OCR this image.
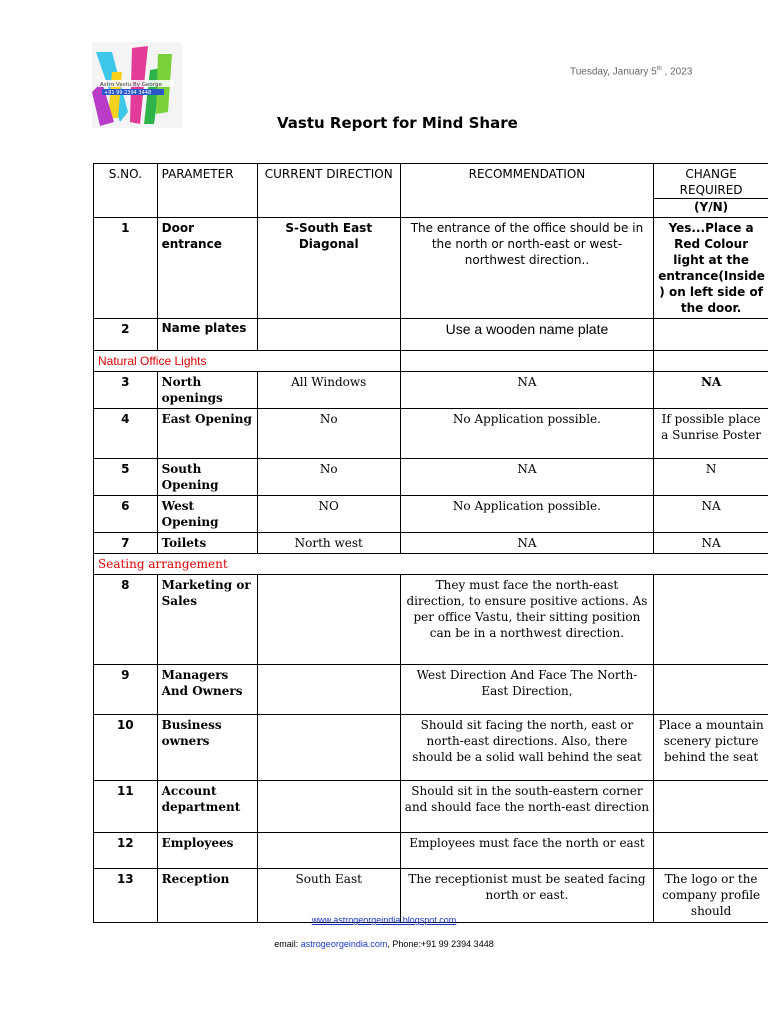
Astro Vastu By George
+91 99 2394 3448
Tuesday, January 5th , 2023
Vastu Report for Mind Share
S.NO.	PARAMETER	CURRENT DIRECTION	RECOMMENDATION	CHANGE REQUIRED
(Y/N)

1	Door entrance	S-South East Diagonal	The entrance of the office should be in the north or north-east or west-northwest direction..	Yes...Place a Red Colour light at the entrance(Inside ) on left side of the door.
2	Name plates		Use a wooden name plate	
Natural Office Lights				
3	North openings	All Windows	NA	NA
4	East Opening	No	No Application possible.	If possible place a Sunrise Poster
5	South Opening	No	NA	N
6	West Opening	NO	No Application possible.	NA
7	Toilets	North west	NA	NA
Seating arrangement				
8	Marketing or Sales		They must face the north-east direction, to ensure positive actions. As per office Vastu, their sitting position can be in a northwest direction.	
9	Managers And Owners		West Direction And Face The North-East Direction,	
10	Business owners		Should sit facing the north, east or north-east directions. Also, there should be a solid wall behind the seat	Place a mountain scenery picture behind the seat
11	Account department		Should sit in the south-eastern corner and should face the north-east direction	
12	Employees		Employees must face the north or east	
13	Reception	South East	The receptionist must be seated facing north or east.	The logo or the company profile should
www.astrogeorgeindia.blogspot.com
email: astrogeorgeindia.com, Phone:+91 99 2394 3448
